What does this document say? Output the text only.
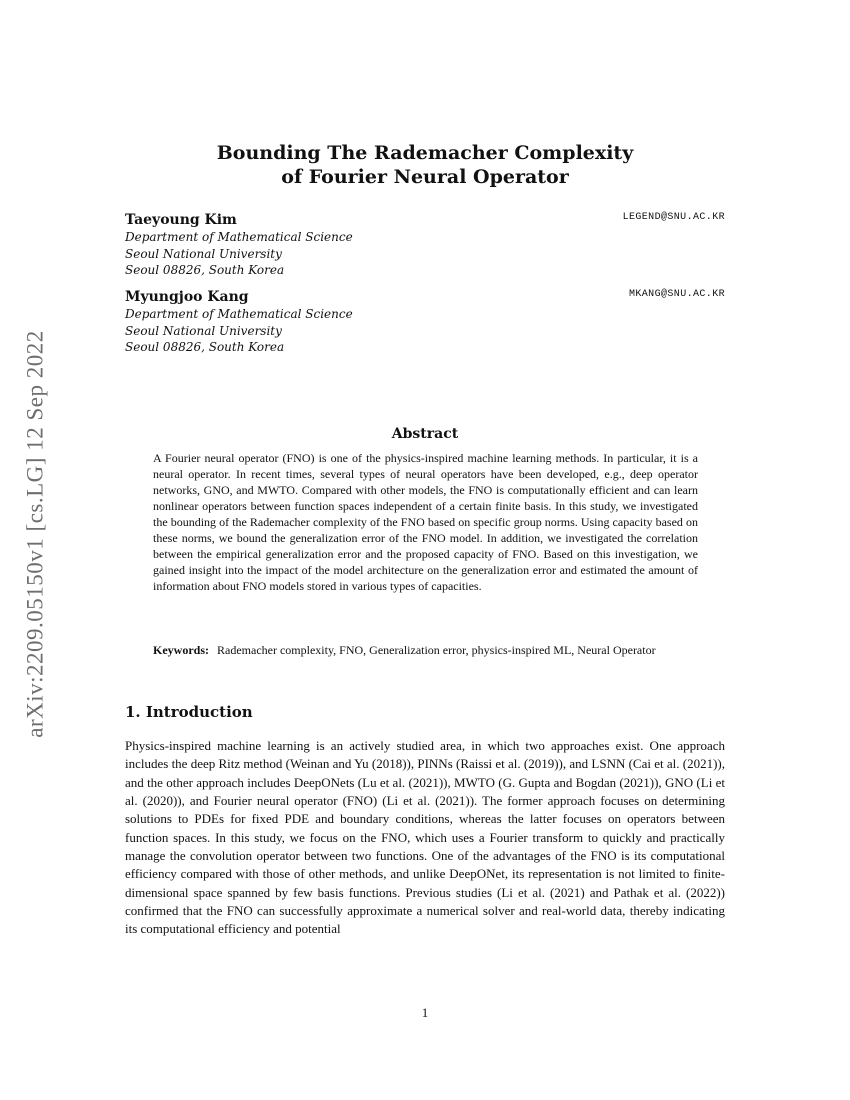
arXiv:2209.05150v1 [cs.LG] 12 Sep 2022
Bounding The Rademacher Complexity
of Fourier Neural Operator
Taeyoung Kim	LEGEND@SNU.AC.KR
Department of Mathematical Science
Seoul National University
Seoul 08826, South Korea
Myungjoo Kang	MKANG@SNU.AC.KR
Department of Mathematical Science
Seoul National University
Seoul 08826, South Korea
Abstract
A Fourier neural operator (FNO) is one of the physics-inspired machine learning methods. In particular, it is a neural operator. In recent times, several types of neural operators have been developed, e.g., deep operator networks, GNO, and MWTO. Compared with other models, the FNO is computationally efficient and can learn nonlinear operators between function spaces independent of a certain finite basis. In this study, we investigated the bounding of the Rademacher complexity of the FNO based on specific group norms. Using capacity based on these norms, we bound the generalization error of the FNO model. In addition, we investigated the correlation between the empirical generalization error and the proposed capacity of FNO. Based on this investigation, we gained insight into the impact of the model architecture on the generalization error and estimated the amount of information about FNO models stored in various types of capacities.
Keywords: Rademacher complexity, FNO, Generalization error, physics-inspired ML, Neural Operator
1. Introduction
Physics-inspired machine learning is an actively studied area, in which two approaches exist. One approach includes the deep Ritz method (Weinan and Yu (2018)), PINNs (Raissi et al. (2019)), and LSNN (Cai et al. (2021)), and the other approach includes DeepONets (Lu et al. (2021)), MWTO (G. Gupta and Bogdan (2021)), GNO (Li et al. (2020)), and Fourier neural operator (FNO) (Li et al. (2021)). The former approach focuses on determining solutions to PDEs for fixed PDE and boundary conditions, whereas the latter focuses on operators between function spaces. In this study, we focus on the FNO, which uses a Fourier transform to quickly and practically manage the convolution operator between two functions. One of the advantages of the FNO is its computational efficiency compared with those of other methods, and unlike DeepONet, its representation is not limited to finite-dimensional space spanned by few basis functions. Previous studies (Li et al. (2021) and Pathak et al. (2022)) confirmed that the FNO can successfully approximate a numerical solver and real-world data, thereby indicating its computational efficiency and potential
1
